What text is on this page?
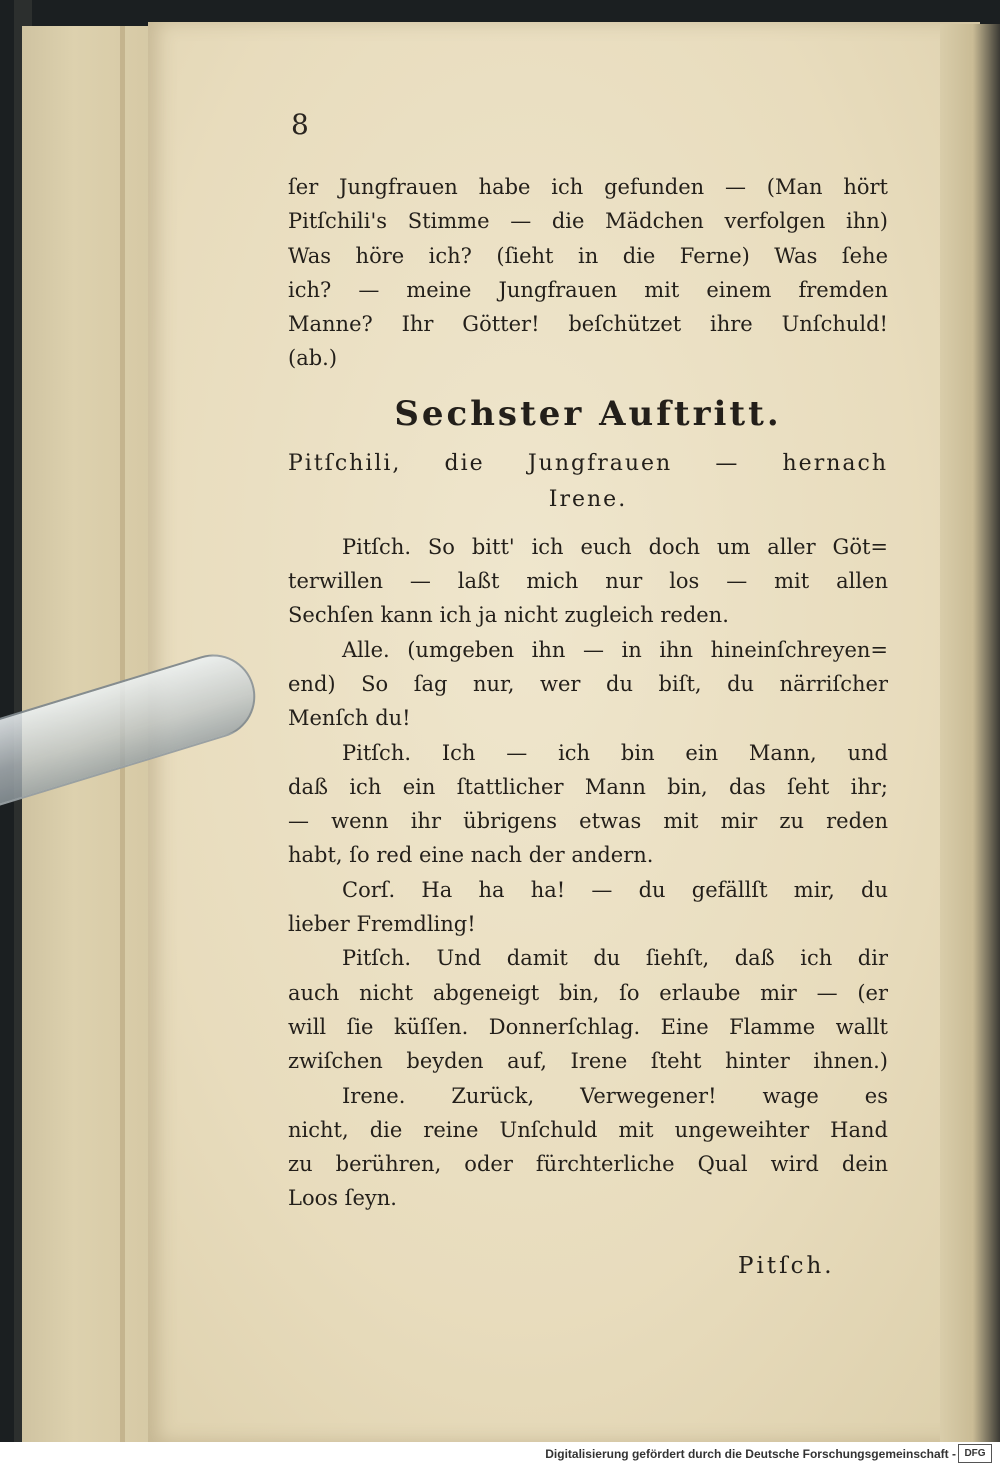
8
ſer Jungfrauen habe ich gefunden — (Man hört
Pitſchili's Stimme — die Mädchen verfolgen ihn)
Was höre ich? (ſieht in die Ferne) Was ſehe
ich? — meine Jungfrauen mit einem fremden
Manne? Ihr Götter! beſchützet ihre Unſchuld!
(ab.)
Sechster Auftritt.
Pitſchili, die Jungfrauen — hernach
Irene.
Pitſch. So bitt' ich euch doch um aller Göt=
terwillen — laßt mich nur los — mit allen
Sechſen kann ich ja nicht zugleich reden.
Alle. (umgeben ihn — in ihn hineinſchreyen=
end) So ſag nur, wer du biſt, du närriſcher
Menſch du!
Pitſch. Ich — ich bin ein Mann, und
daß ich ein ſtattlicher Mann bin, das ſeht ihr;
— wenn ihr übrigens etwas mit mir zu reden
habt, ſo red eine nach der andern.
Corſ. Ha ha ha! — du gefällſt mir, du
lieber Fremdling!
Pitſch. Und damit du ſiehſt, daß ich dir
auch nicht abgeneigt bin, ſo erlaube mir — (er
will ſie küſſen. Donnerſchlag. Eine Flamme wallt
zwiſchen beyden auf, Irene ſteht hinter ihnen.)
Irene. Zurück, Verwegener! wage es
nicht, die reine Unſchuld mit ungeweihter Hand
zu berühren, oder fürchterliche Qual wird dein
Loos ſeyn.
Pitſch.
Digitalisierung gefördert durch die Deutsche Forschungsgemeinschaft - DFG
